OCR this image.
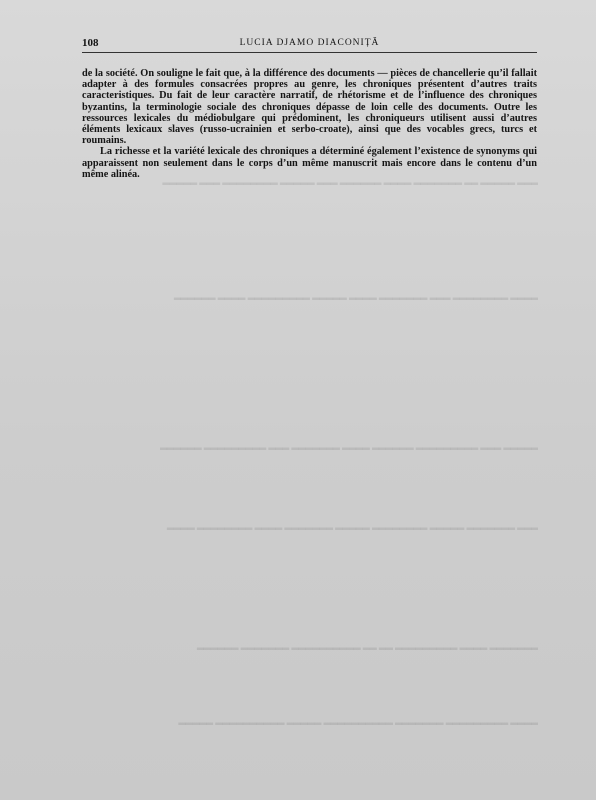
▂▂▂ ▂▂▂▂▂ ▂▂ ▂▂▂▂▂▂▂ ▂▂▂▂ ▂▂▂▂▂▂ ▂▂▂ ▂▂▂▂▂ ▂▂▂▂▂▂▂▂ ▂▂▂ ▂▂▂▂▂
▂▂▂▂ ▂▂▂▂▂▂▂▂ ▂▂▂ ▂▂▂▂▂▂▂ ▂▂▂▂ ▂▂▂▂▂ ▂▂▂▂▂▂▂▂▂ ▂▂▂▂ ▂▂▂▂▂▂
▂▂▂▂▂ ▂▂▂ ▂▂▂▂▂▂▂▂▂ ▂▂▂▂▂▂ ▂▂▂▂ ▂▂▂▂▂▂▂ ▂▂▂ ▂▂▂▂▂▂▂▂▂ ▂▂▂▂▂▂
▂▂▂ ▂▂▂▂▂▂▂ ▂▂▂▂▂ ▂▂▂▂▂▂▂▂ ▂▂▂▂▂ ▂▂▂▂▂▂▂ ▂▂▂▂ ▂▂▂▂▂▂▂▂ ▂▂▂▂
▂▂▂▂▂▂▂ ▂▂▂▂ ▂▂▂▂▂▂▂▂▂ ▂▂ ▂▂ ▂▂▂▂▂▂▂▂▂▂ ▂▂▂▂▂▂▂ ▂▂▂▂▂▂
▂▂▂▂ ▂▂▂▂▂▂▂▂▂ ▂▂▂▂▂▂▂ ▂▂▂▂▂▂▂▂▂▂ ▂▂▂▂▂ ▂▂▂▂▂▂▂▂▂▂ ▂▂▂▂▂
108	LUCIA DJAMO DIACONIȚĂ

de la société. On souligne le fait que, à la différence des documents — pièces de chancellerie qu’il fallait adapter à des formules consacrées propres au genre, les chroniques présentent d’autres traits caracteristiques. Du fait de leur caractère narratif, de rhétorisme et de l’influence des chroniques byzantins, la terminologie sociale des chroniques dépasse de loin celle des documents. Outre les ressources lexicales du médiobulgare qui prédominent, les chroniqueurs utilisent aussi d’autres éléments lexicaux slaves (russo-ucrainien et serbo-croate), ainsi que des vocables grecs, turcs et roumains.

La richesse et la variété lexicale des chroniques a déterminé également l’existence de synonyms qui apparaissent non seulement dans le corps d’un même manuscrit mais encore dans le contenu d’un même alinéa.
